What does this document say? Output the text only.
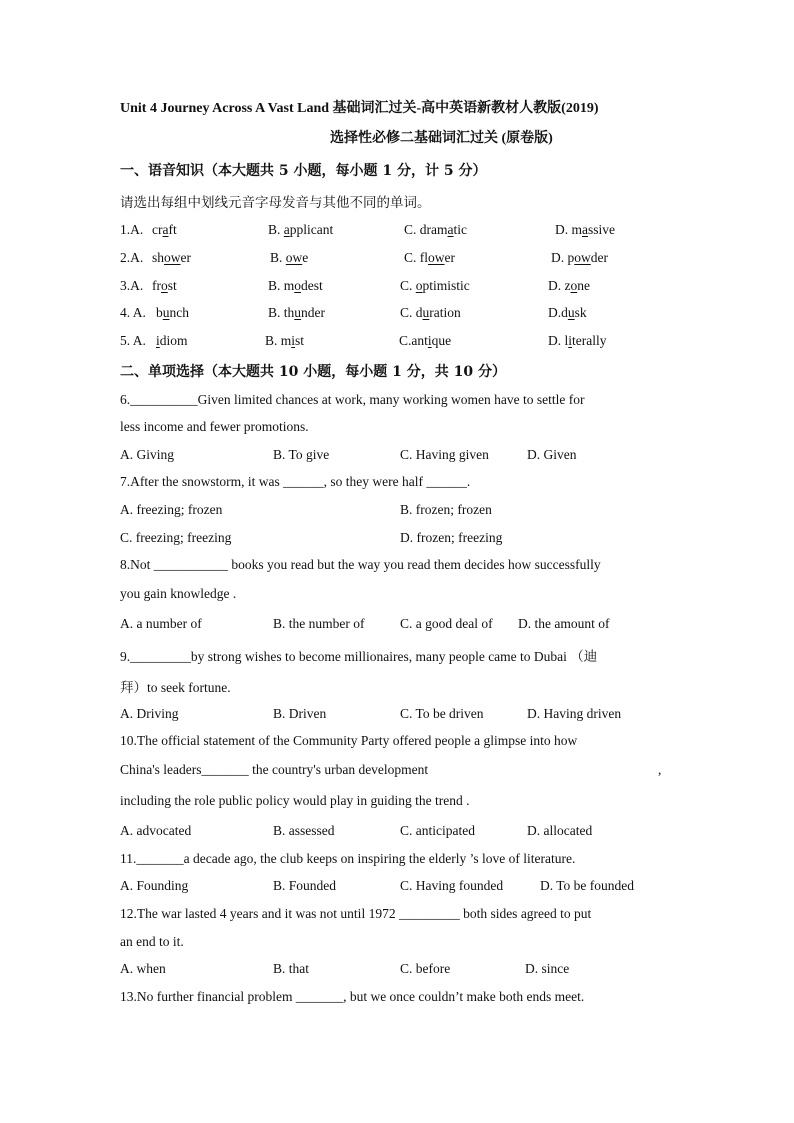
Unit 4 Journey Across A Vast Land 基础词汇过关-高中英语新教材人教版(2019)
选择性必修二基础词汇过关 (原卷版)
一、语音知识（本大题共 5 小题，每小题 1 分，计 5 分）
请选出每组中划线元音字母发音与其他不同的单词。
1.A. craft	B. applicant	C. dramatic	D. massive
2.A. shower	B. owe	C. flower	D. powder
3.A. frost	B. modest	C. optimistic	D. zone
4. A. bunch	B. thunder	C. duration	D.dusk
5. A. idiom	B. mist	C.antique	D. literally
二、单项选择（本大题共 10 小题，每小题 1 分，共 10 分）
6.__________Given limited chances at work, many working women have to settle for
less income and fewer promotions.
A. Giving	B. To give	C. Having given	D. Given
7.After the snowstorm, it was ______, so they were half ______.
A. freezing; frozen	B. frozen; frozen
C. freezing; freezing	D. frozen; freezing
8.Not ___________ books you read but the way you read them decides how successfully
you gain knowledge .
A. a number of	B. the number of	C. a good deal of D. the amount of
9._________by strong wishes to become millionaires, many people came to Dubai （迪
拜）to seek fortune.
A. Driving	B. Driven	C. To be driven	D. Having driven
10.The official statement of the Community Party offered people a glimpse into how
China's leaders_______ the country's urban development	,
including the role public policy would play in guiding the trend .
A. advocated	B. assessed	C. anticipated	D. allocated
11._______a decade ago, the club keeps on inspiring the elderly ’s love of literature.
A. Founding	B. Founded	C. Having founded	D. To be founded
12.The war lasted 4 years and it was not until 1972 _________ both sides agreed to put
an end to it.
A. when	B. that	C. before	D. since
13.No further financial problem _______, but we once couldn’t make both ends meet.
